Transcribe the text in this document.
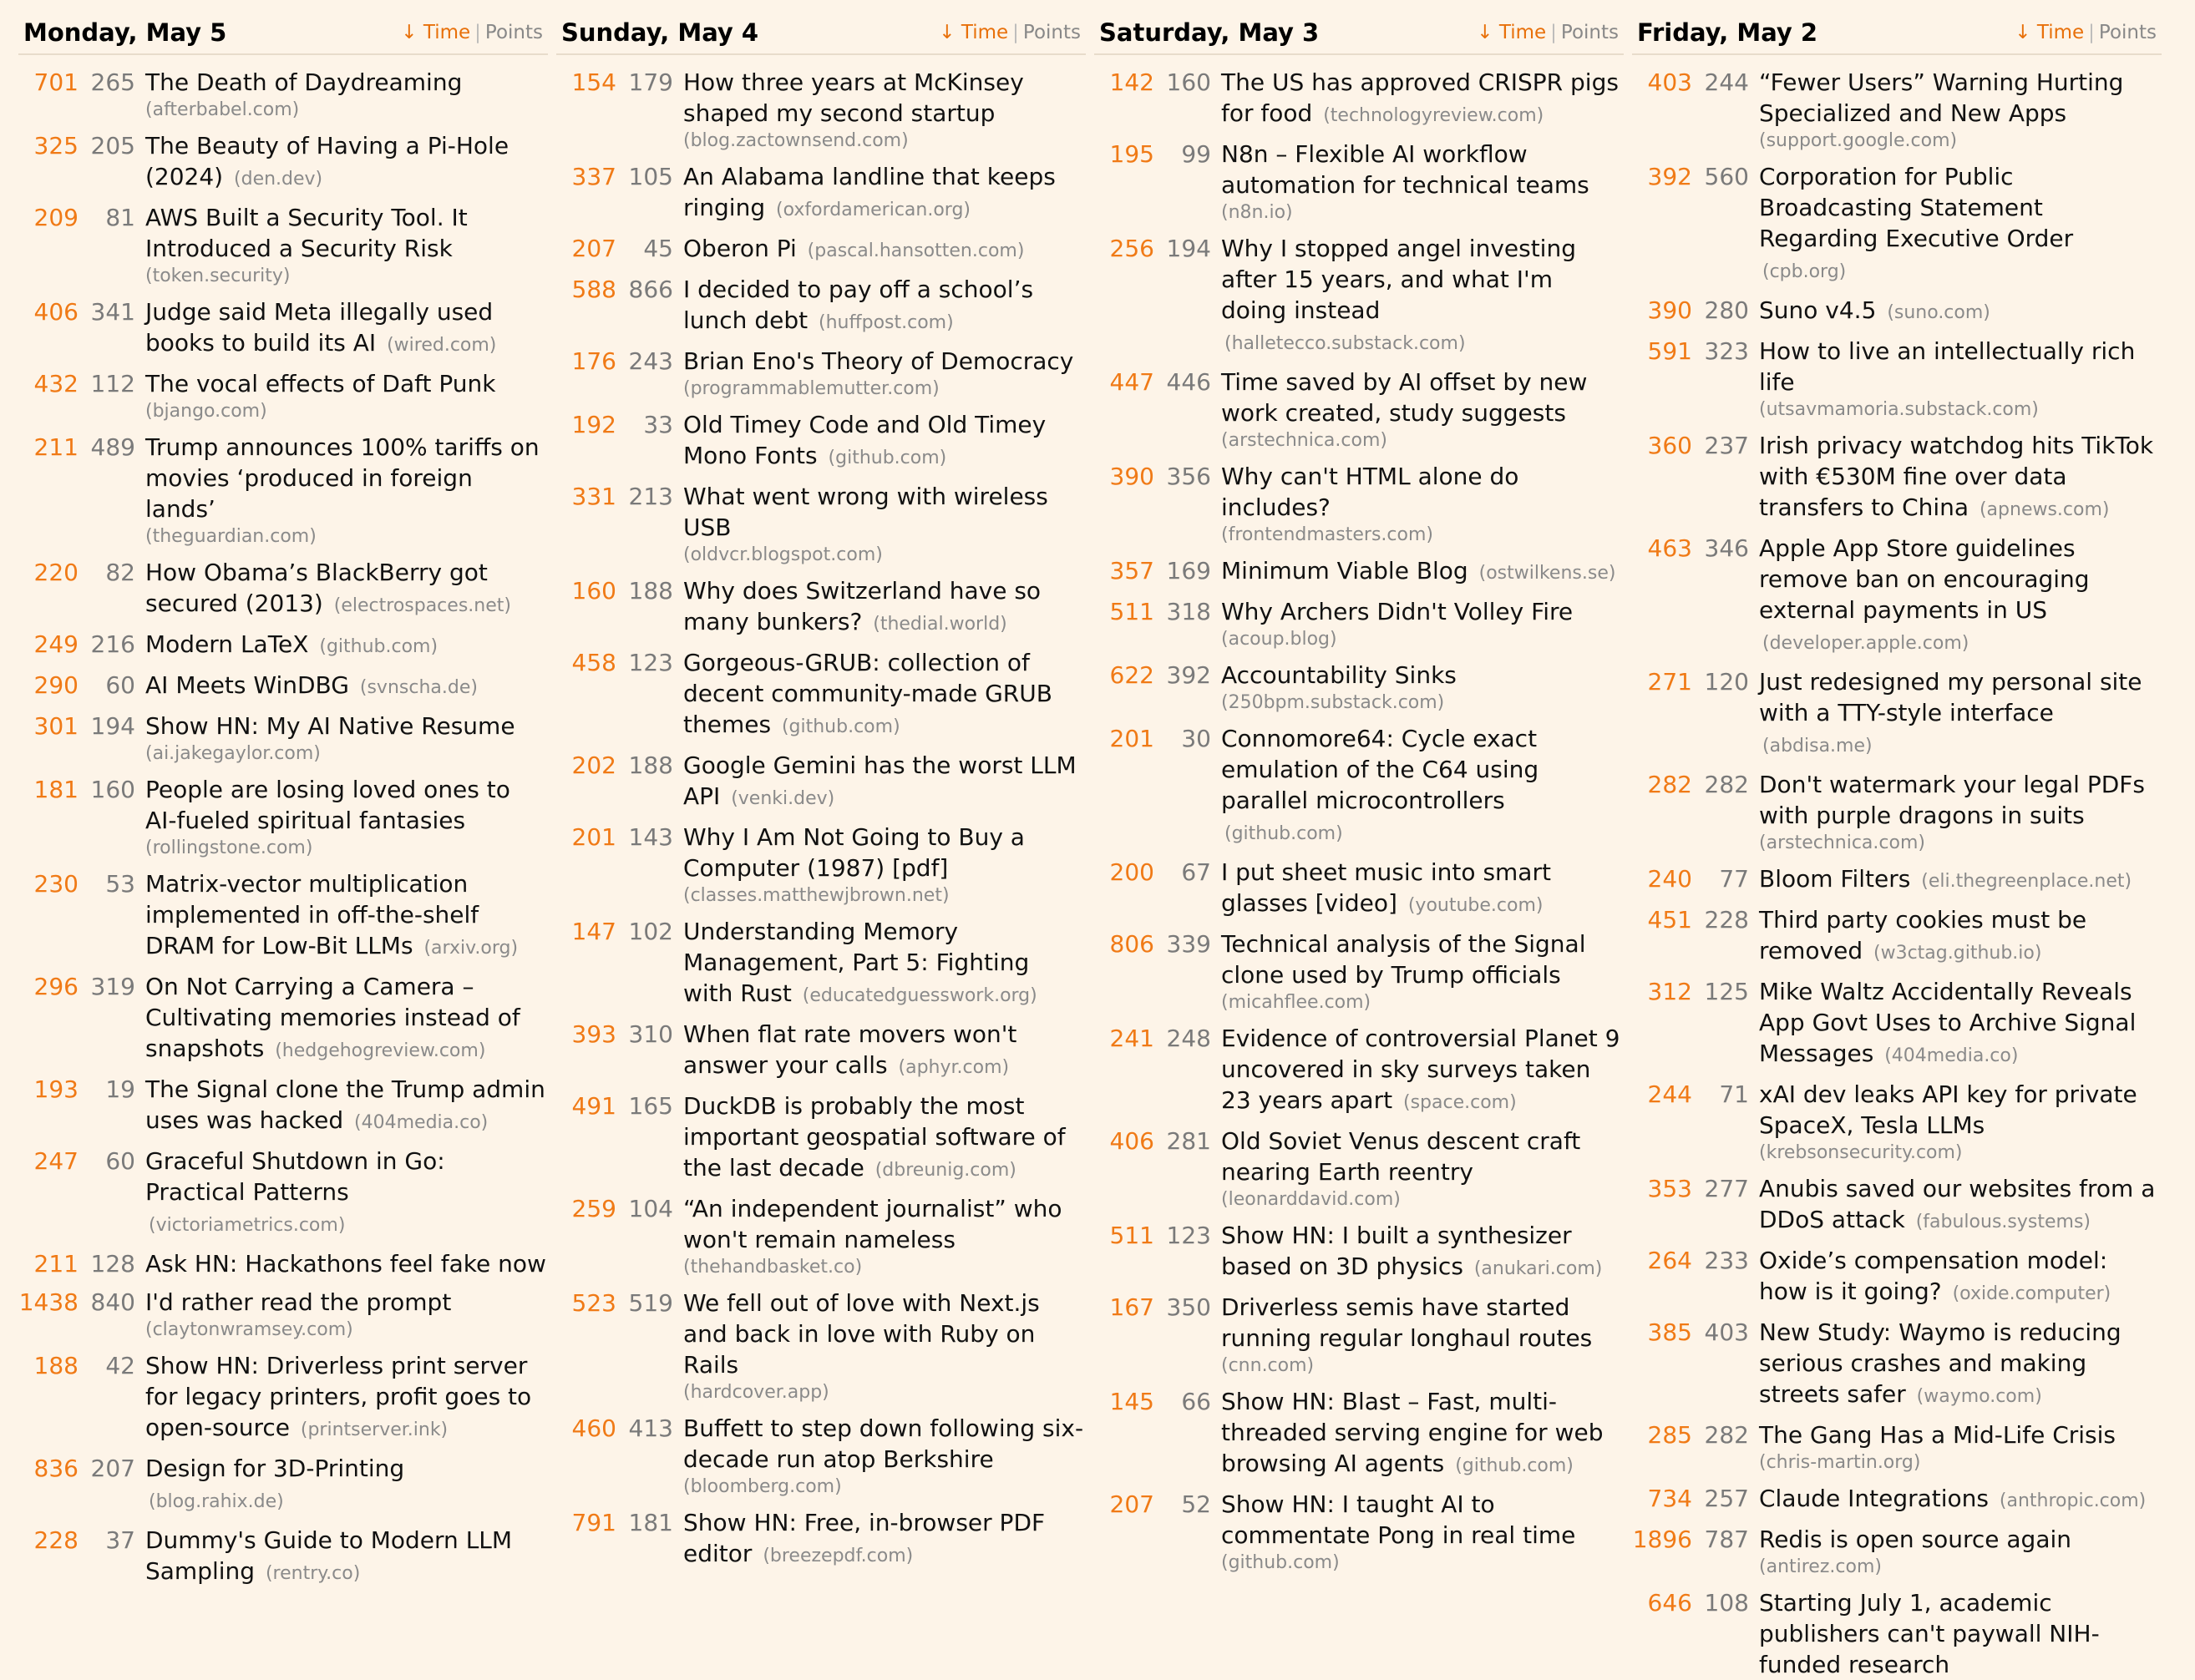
Monday, May 5	↓ Time | Points
701 265 The Death of Daydreaming
(afterbabel.com)
325 205 The Beauty of Having a Pi-Hole (2024) (den.dev)
209	81 AWS Built a Security Tool. It Introduced a Security Risk
(token.security)
406 341 Judge said Meta illegally used books to build its AI (wired.com)
432 112 The vocal effects of Daft Punk
(bjango.com)
211 489 Trump announces 100% tariffs on movies ‘produced in foreign lands’
(theguardian.com)
220	82 How Obama’s BlackBerry got secured (2013) (electrospaces.net)
249 216 Modern LaTeX (github.com)
290	60 AI Meets WinDBG (svnscha.de)
301 194 Show HN: My AI Native Resume
(ai.jakegaylor.com)
181 160 People are losing loved ones to AI-fueled spiritual fantasies
(rollingstone.com)
230	53 Matrix-vector multiplication implemented in off-the-shelf DRAM for Low-Bit LLMs (arxiv.org)
296 319 On Not Carrying a Camera – Cultivating memories instead of snapshots (hedgehogreview.com)
193	19 The Signal clone the Trump admin uses was hacked (404media.co)
247	60 Graceful Shutdown in Go: Practical Patterns (victoriametrics.com)
211 128 Ask HN: Hackathons feel fake now
1438 840 I'd rather read the prompt
(claytonwramsey.com)
188	42 Show HN: Driverless print server for legacy printers, profit goes to open-source (printserver.ink)
836 207 Design for 3D-Printing (blog.rahix.de)
228	37 Dummy's Guide to Modern LLM Sampling (rentry.co)
Sunday, May 4	↓ Time | Points
154 179 How three years at McKinsey shaped my second startup
(blog.zactownsend.com)
337 105 An Alabama landline that keeps ringing (oxfordamerican.org)
207	45 Oberon Pi (pascal.hansotten.com)
588 866 I decided to pay off a school’s lunch debt (huffpost.com)
176 243 Brian Eno's Theory of Democracy
(programmablemutter.com)
192	33 Old Timey Code and Old Timey Mono Fonts (github.com)
331 213 What went wrong with wireless USB
(oldvcr.blogspot.com)
160 188 Why does Switzerland have so many bunkers? (thedial.world)
458 123 Gorgeous-GRUB: collection of decent community-made GRUB themes (github.com)
202 188 Google Gemini has the worst LLM API (venki.dev)
201 143 Why I Am Not Going to Buy a Computer (1987) [pdf]
(classes.matthewjbrown.net)
147 102 Understanding Memory Management, Part 5: Fighting with Rust (educatedguesswork.org)
393 310 When flat rate movers won't answer your calls (aphyr.com)
491 165 DuckDB is probably the most important geospatial software of the last decade (dbreunig.com)
259 104 “An independent journalist” who won't remain nameless
(thehandbasket.co)
523 519 We fell out of love with Next.js and back in love with Ruby on Rails
(hardcover.app)
460 413 Buffett to step down following six-decade run atop Berkshire
(bloomberg.com)
791 181 Show HN: Free, in-browser PDF editor (breezepdf.com)
Saturday, May 3	↓ Time | Points
142 160 The US has approved CRISPR pigs for food (technologyreview.com)
195	99 N8n – Flexible AI workflow automation for technical teams
(n8n.io)
256 194 Why I stopped angel investing after 15 years, and what I'm doing instead (halletecco.substack.com)
447 446 Time saved by AI offset by new work created, study suggests
(arstechnica.com)
390 356 Why can't HTML alone do includes?
(frontendmasters.com)
357 169 Minimum Viable Blog (ostwilkens.se)
511 318 Why Archers Didn't Volley Fire
(acoup.blog)
622 392 Accountability Sinks
(250bpm.substack.com)
201	30 Connomore64: Cycle exact emulation of the C64 using parallel microcontrollers (github.com)
200	67 I put sheet music into smart glasses [video] (youtube.com)
806 339 Technical analysis of the Signal clone used by Trump officials
(micahflee.com)
241 248 Evidence of controversial Planet 9 uncovered in sky surveys taken 23 years apart (space.com)
406 281 Old Soviet Venus descent craft nearing Earth reentry
(leonarddavid.com)
511 123 Show HN: I built a synthesizer based on 3D physics (anukari.com)
167 350 Driverless semis have started running regular longhaul routes
(cnn.com)
145	66 Show HN: Blast – Fast, multi-threaded serving engine for web browsing AI agents (github.com)
207	52 Show HN: I taught AI to commentate Pong in real time
(github.com)
Friday, May 2	↓ Time | Points
403 244 “Fewer Users” Warning Hurting Specialized and New Apps
(support.google.com)
392 560 Corporation for Public Broadcasting Statement Regarding Executive Order (cpb.org)
390 280 Suno v4.5 (suno.com)
591 323 How to live an intellectually rich life
(utsavmamoria.substack.com)
360 237 Irish privacy watchdog hits TikTok with €530M fine over data transfers to China (apnews.com)
463 346 Apple App Store guidelines remove ban on encouraging external payments in US (developer.apple.com)
271 120 Just redesigned my personal site with a TTY-style interface (abdisa.me)
282 282 Don't watermark your legal PDFs with purple dragons in suits
(arstechnica.com)
240	77 Bloom Filters (eli.thegreenplace.net)
451 228 Third party cookies must be removed (w3ctag.github.io)
312 125 Mike Waltz Accidentally Reveals App Govt Uses to Archive Signal Messages (404media.co)
244	71 xAI dev leaks API key for private SpaceX, Tesla LLMs
(krebsonsecurity.com)
353 277 Anubis saved our websites from a DDoS attack (fabulous.systems)
264 233 Oxide’s compensation model: how is it going? (oxide.computer)
385 403 New Study: Waymo is reducing serious crashes and making streets safer (waymo.com)
285 282 The Gang Has a Mid-Life Crisis
(chris-martin.org)
734 257 Claude Integrations (anthropic.com)
1896 787 Redis is open source again
(antirez.com)
646 108 Starting July 1, academic publishers can't paywall NIH-funded research
